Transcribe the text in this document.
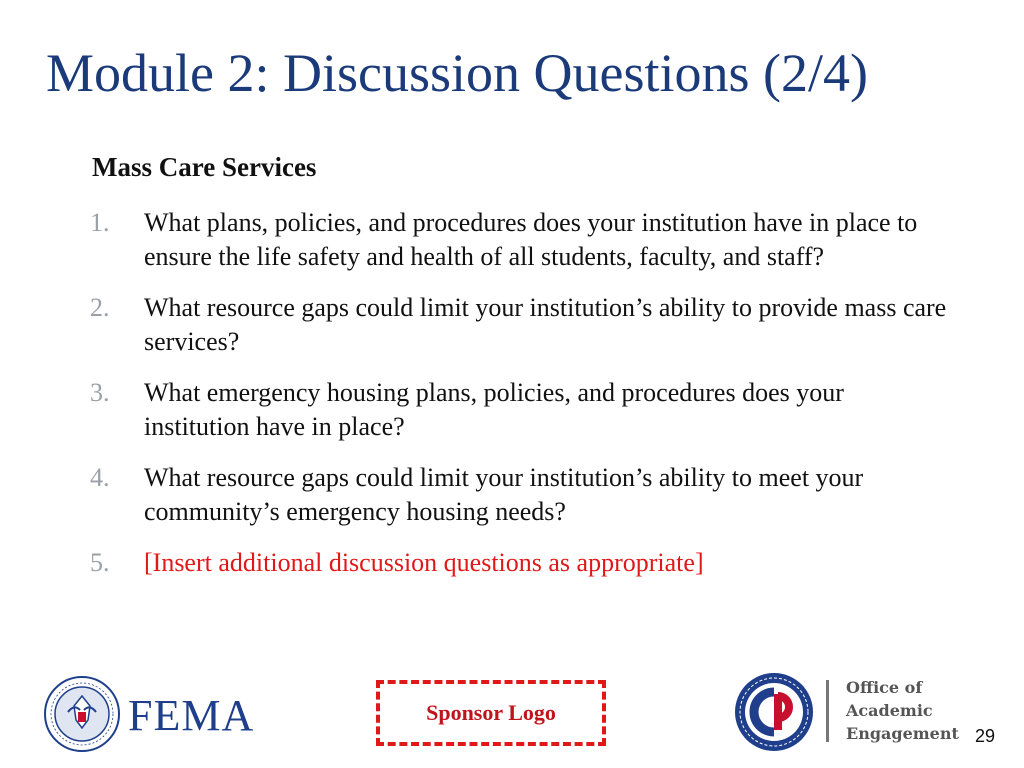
Module 2: Discussion Questions (2/4)
Mass Care Services
1.	What plans, policies, and procedures does your institution have in place to ensure the life safety and health of all students, faculty, and staff?
2.	What resource gaps could limit your institution’s ability to provide mass care services?
3.	What emergency housing plans, policies, and procedures does your institution have in place?
4.	What resource gaps could limit your institution’s ability to meet your community’s emergency housing needs?
5.	[Insert additional discussion questions as appropriate]
FEMA	Sponsor Logo
Office of
Academic
Engagement 29
